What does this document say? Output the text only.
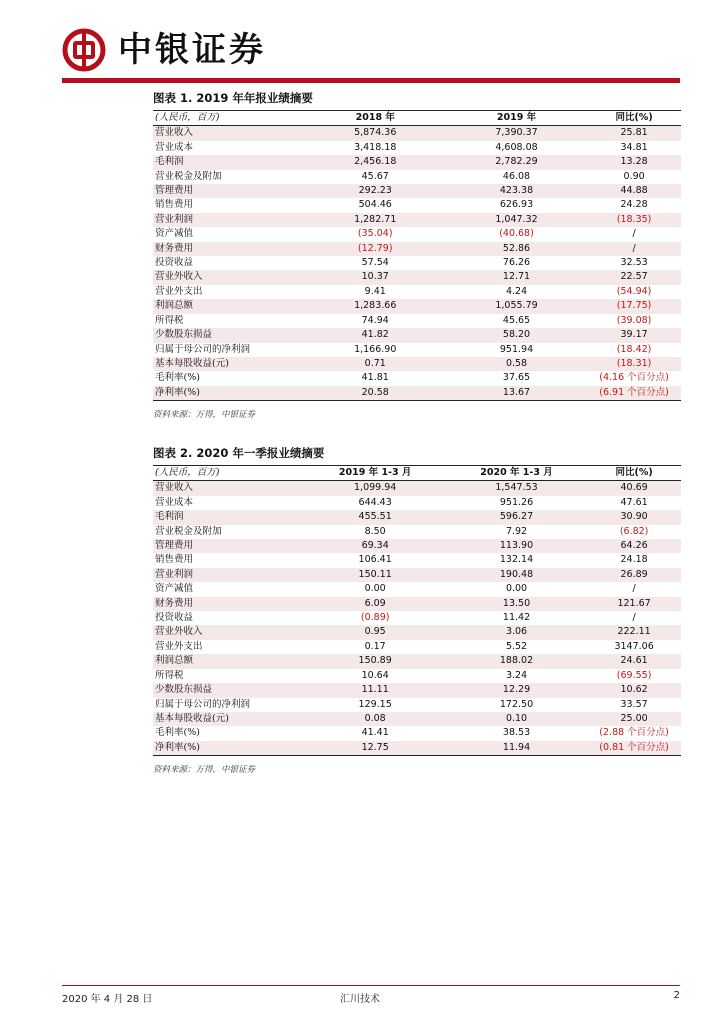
中银证券
图表 1. 2019 年年报业绩摘要
(人民币，百万)	2018 年	2019 年	同比(%)
营业收入	5,874.36	7,390.37	25.81
营业成本	3,418.18	4,608.08	34.81
毛利润	2,456.18	2,782.29	13.28
营业税金及附加	45.67	46.08	0.90
管理费用	292.23	423.38	44.88
销售费用	504.46	626.93	24.28
营业利润	1,282.71	1,047.32	(18.35)
资产减值	(35.04)	(40.68)	/
财务费用	(12.79)	52.86	/
投资收益	57.54	76.26	32.53
营业外收入	10.37	12.71	22.57
营业外支出	9.41	4.24	(54.94)
利润总额	1,283.66	1,055.79	(17.75)
所得税	74.94	45.65	(39.08)
少数股东损益	41.82	58.20	39.17
归属于母公司的净利润	1,166.90	951.94	(18.42)
基本每股收益(元)	0.71	0.58	(18.31)
毛利率(%)	41.81	37.65	(4.16 个百分点)
净利率(%)	20.58	13.67	(6.91 个百分点)
资料来源：万得，中银证券
图表 2. 2020 年一季报业绩摘要
(人民币，百万)	2019 年 1-3 月	2020 年 1-3 月	同比(%)
营业收入	1,099.94	1,547.53	40.69
营业成本	644.43	951.26	47.61
毛利润	455.51	596.27	30.90
营业税金及附加	8.50	7.92	(6.82)
管理费用	69.34	113.90	64.26
销售费用	106.41	132.14	24.18
营业利润	150.11	190.48	26.89
资产减值	0.00	0.00	/
财务费用	6.09	13.50	121.67
投资收益	(0.89)	11.42	/
营业外收入	0.95	3.06	222.11
营业外支出	0.17	5.52	3147.06
利润总额	150.89	188.02	24.61
所得税	10.64	3.24	(69.55)
少数股东损益	11.11	12.29	10.62
归属于母公司的净利润	129.15	172.50	33.57
基本每股收益(元)	0.08	0.10	25.00
毛利率(%)	41.41	38.53	(2.88 个百分点)
净利率(%)	12.75	11.94	(0.81 个百分点)
资料来源：万得，中银证券
2020 年 4 月 28 日	汇川技术	2
